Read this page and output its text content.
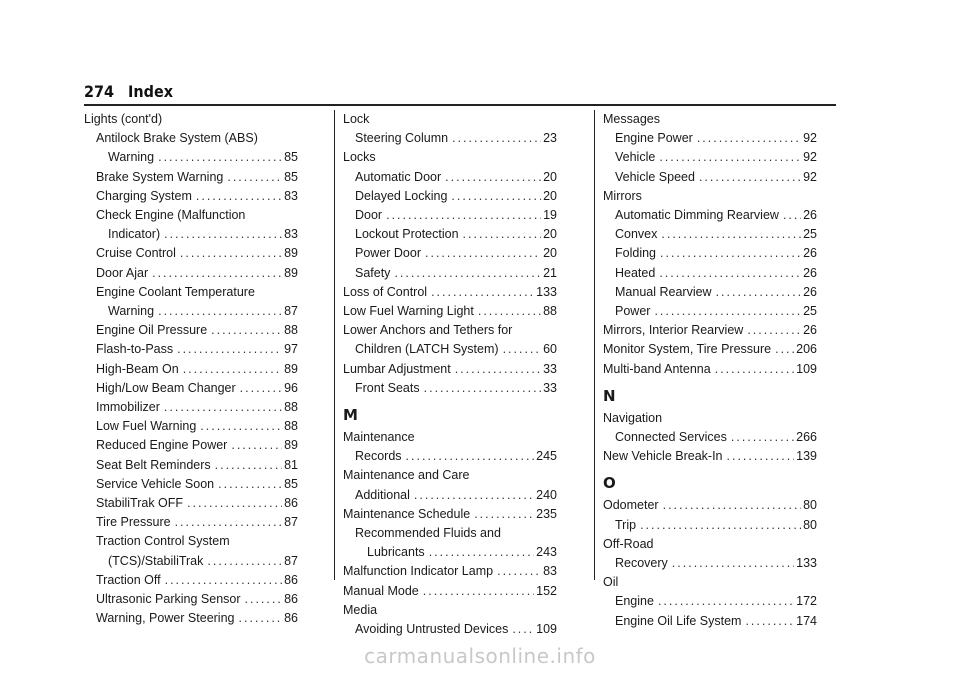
274 Index
Lights (cont'd)
Antilock Brake System (ABS)
Warning .....	85
Brake System Warning .....	85
Charging System .....	83
Check Engine (Malfunction
Indicator) .....	83
Cruise Control .....	89
Door Ajar .....	89
Engine Coolant Temperature
Warning .....	87
Engine Oil Pressure .....	88
Flash-to-Pass .....	97
High-Beam On .....	89
High/Low Beam Changer .....	96
Immobilizer .....	88
Low Fuel Warning .....	88
Reduced Engine Power .....	89
Seat Belt Reminders .....	81
Service Vehicle Soon .....	85
StabiliTrak OFF .....	86
Tire Pressure .....	87
Traction Control System
(TCS)/StabiliTrak .....	87
Traction Off .....	86
Ultrasonic Parking Sensor .....	86
Warning, Power Steering .....	86
Lock
Steering Column .....	23
Locks
Automatic Door .....	20
Delayed Locking .....	20
Door .....	19
Lockout Protection .....	20
Power Door .....	20
Safety .....	21
Loss of Control .....	133
Low Fuel Warning Light .....	88
Lower Anchors and Tethers for
Children (LATCH System) .....	60
Lumbar Adjustment .....	33
Front Seats .....	33
M
Maintenance
Records .....	245
Maintenance and Care
Additional .....	240
Maintenance Schedule .....	235
Recommended Fluids and
Lubricants .....	243
Malfunction Indicator Lamp .....	83
Manual Mode .....	152
Media
Avoiding Untrusted Devices ..... 109
Messages
Engine Power .....	92
Vehicle .....	92
Vehicle Speed .....	92
Mirrors
Automatic Dimming Rearview ..... 26
Convex .....	25
Folding .....	26
Heated .....	26
Manual Rearview .....	26
Power .....	25
Mirrors, Interior Rearview .....	26
Monitor System, Tire Pressure ..... 206
Multi-band Antenna .....	109
N
Navigation
Connected Services .....	266
New Vehicle Break-In .....	139
O
Odometer .....	80
Trip .....	80
Off-Road
Recovery .....	133
Oil
Engine .....	172
Engine Oil Life System .....	174
carmanualsonline.info
